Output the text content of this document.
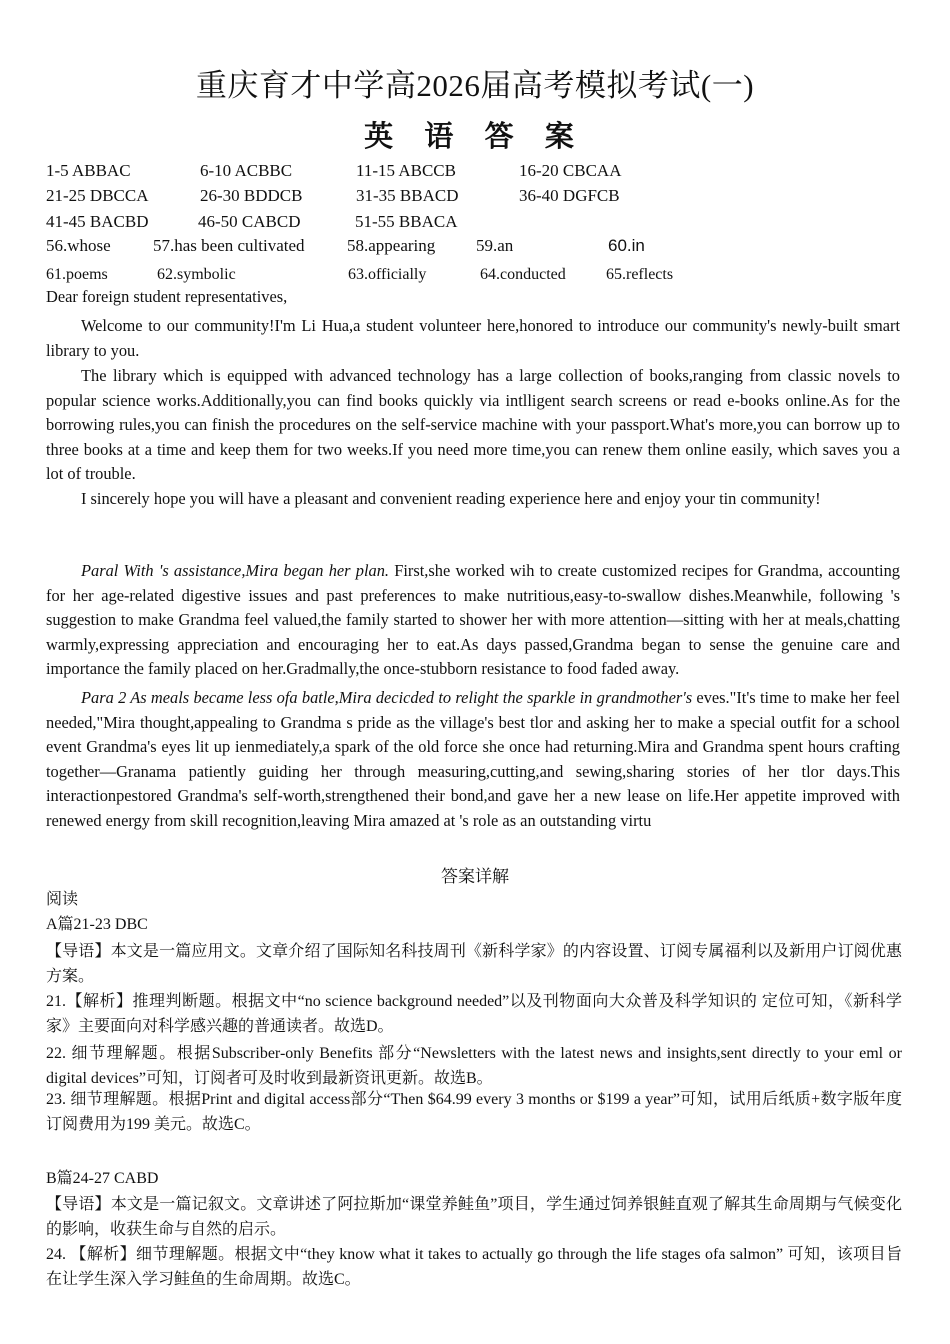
重庆育才中学高2026届高考模拟考试(一)
英 语 答 案
1-5 ABBAC	6-10 ACBBC	11-15 ABCCB	16-20 CBCAA
21-25 DBCCA	26-30 BDDCB	31-35 BBACD	36-40 DGFCB
41-45 BACBD	46-50 CABCD	51-55 BBACA
56.whose 57.has been cultivated 58.appearing 59.an	60.in
61.poems	62.symbolic	63.officially	64.conducted	65.reflects

Dear foreign student representatives,

Welcome to our community!I'm Li Hua,a student volunteer here,honored to introduce our community's newly-built smart library to you.

The library which is equipped with advanced technology has a large collection of books,ranging from classic novels to popular science works.Additionally,you can find books quickly via intlligent search screens or read e-books online.As for the borrowing rules,you can finish the procedures on the self-service machine with your passport.What's more,you can borrow up to three books at a time and keep them for two weeks.If you need more time,you can renew them online easily, which saves you a lot of trouble.

I sincerely hope you will have a pleasant and convenient reading experience here and enjoy your tin community!

Paral With 's assistance,Mira began her plan. First,she worked wih to create customized recipes for Grandma, accounting for her age-related digestive issues and past preferences to make nutritious,easy-to-swallow dishes.Meanwhile, following 's suggestion to make Grandma feel valued,the family started to shower her with more attention—sitting with her at meals,chatting warmly,expressing appreciation and encouraging her to eat.As days passed,Grandma began to sense the genuine care and importance the family placed on her.Gradmally,the once-stubborn resistance to food faded away.

Para 2 As meals became less ofa batle,Mira decicded to relight the sparkle in grandmother's eves."It's time to make her feel needed,"Mira thought,appealing to Grandma s pride as the village's best tlor and asking her to make a special outfit for a school event Grandma's eyes lit up ienmediately,a spark of the old force she once had returning.Mira and Grandma spent hours crafting together—Granama patiently guiding her through measuring,cutting,and sewing,sharing stories of her tlor days.This interactionpestored Grandma's self-worth,strengthened their bond,and gave her a new lease on life.Her appetite improved with renewed energy from skill recognition,leaving Mira amazed at 's role as an outstanding virtu

答案详解

阅读

A篇21-23 DBC

【导语】本文是一篇应用文。文章介绍了国际知名科技周刊《新科学家》的内容设置、订阅专属福利以及新用户订阅优惠方案。

21.【解析】推理判断题。根据文中“no science background needed”以及刊物面向大众普及科学知识的 定位可知，《新科学家》主要面向对科学感兴趣的普通读者。故选D。

22. 细节理解题。根据Subscriber-only Benefits 部分“Newsletters with the latest news and insights,sent directly to your eml or digital devices”可知，订阅者可及时收到最新资讯更新。故选B。

23. 细节理解题。根据Print and digital access部分“Then $64.99 every 3 months or $199 a year”可知，试用后纸质+数字版年度订阅费用为199 美元。故选C。

B篇24-27 CABD

【导语】本文是一篇记叙文。文章讲述了阿拉斯加“课堂养鲑鱼”项目，学生通过饲养银鲑直观了解其生命周期与气候变化的影响，收获生命与自然的启示。

24. 【解析】细节理解题。根据文中“they know what it takes to actually go through the life stages ofa salmon” 可知，该项目旨在让学生深入学习鲑鱼的生命周期。故选C。
